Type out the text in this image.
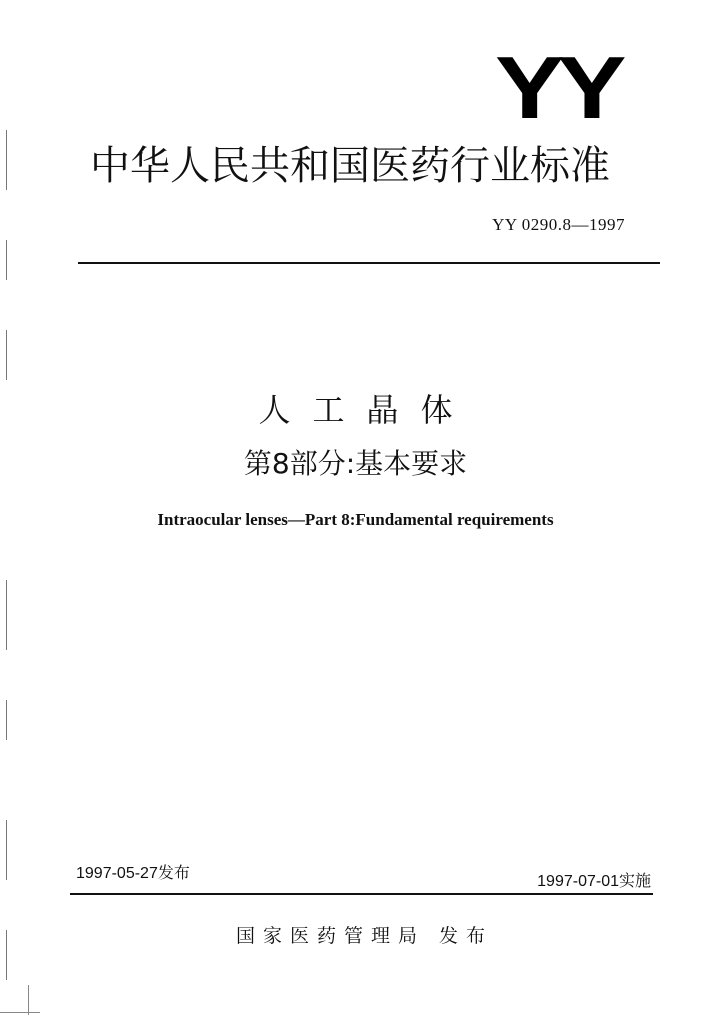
YY
中华人民共和国医药行业标准
YY 0290.8—1997
人工晶体
第8部分:基本要求
Intraocular lenses—Part 8:Fundamental requirements
1997-05-27发布	1997-07-01实施
国家医药管理局 发布
